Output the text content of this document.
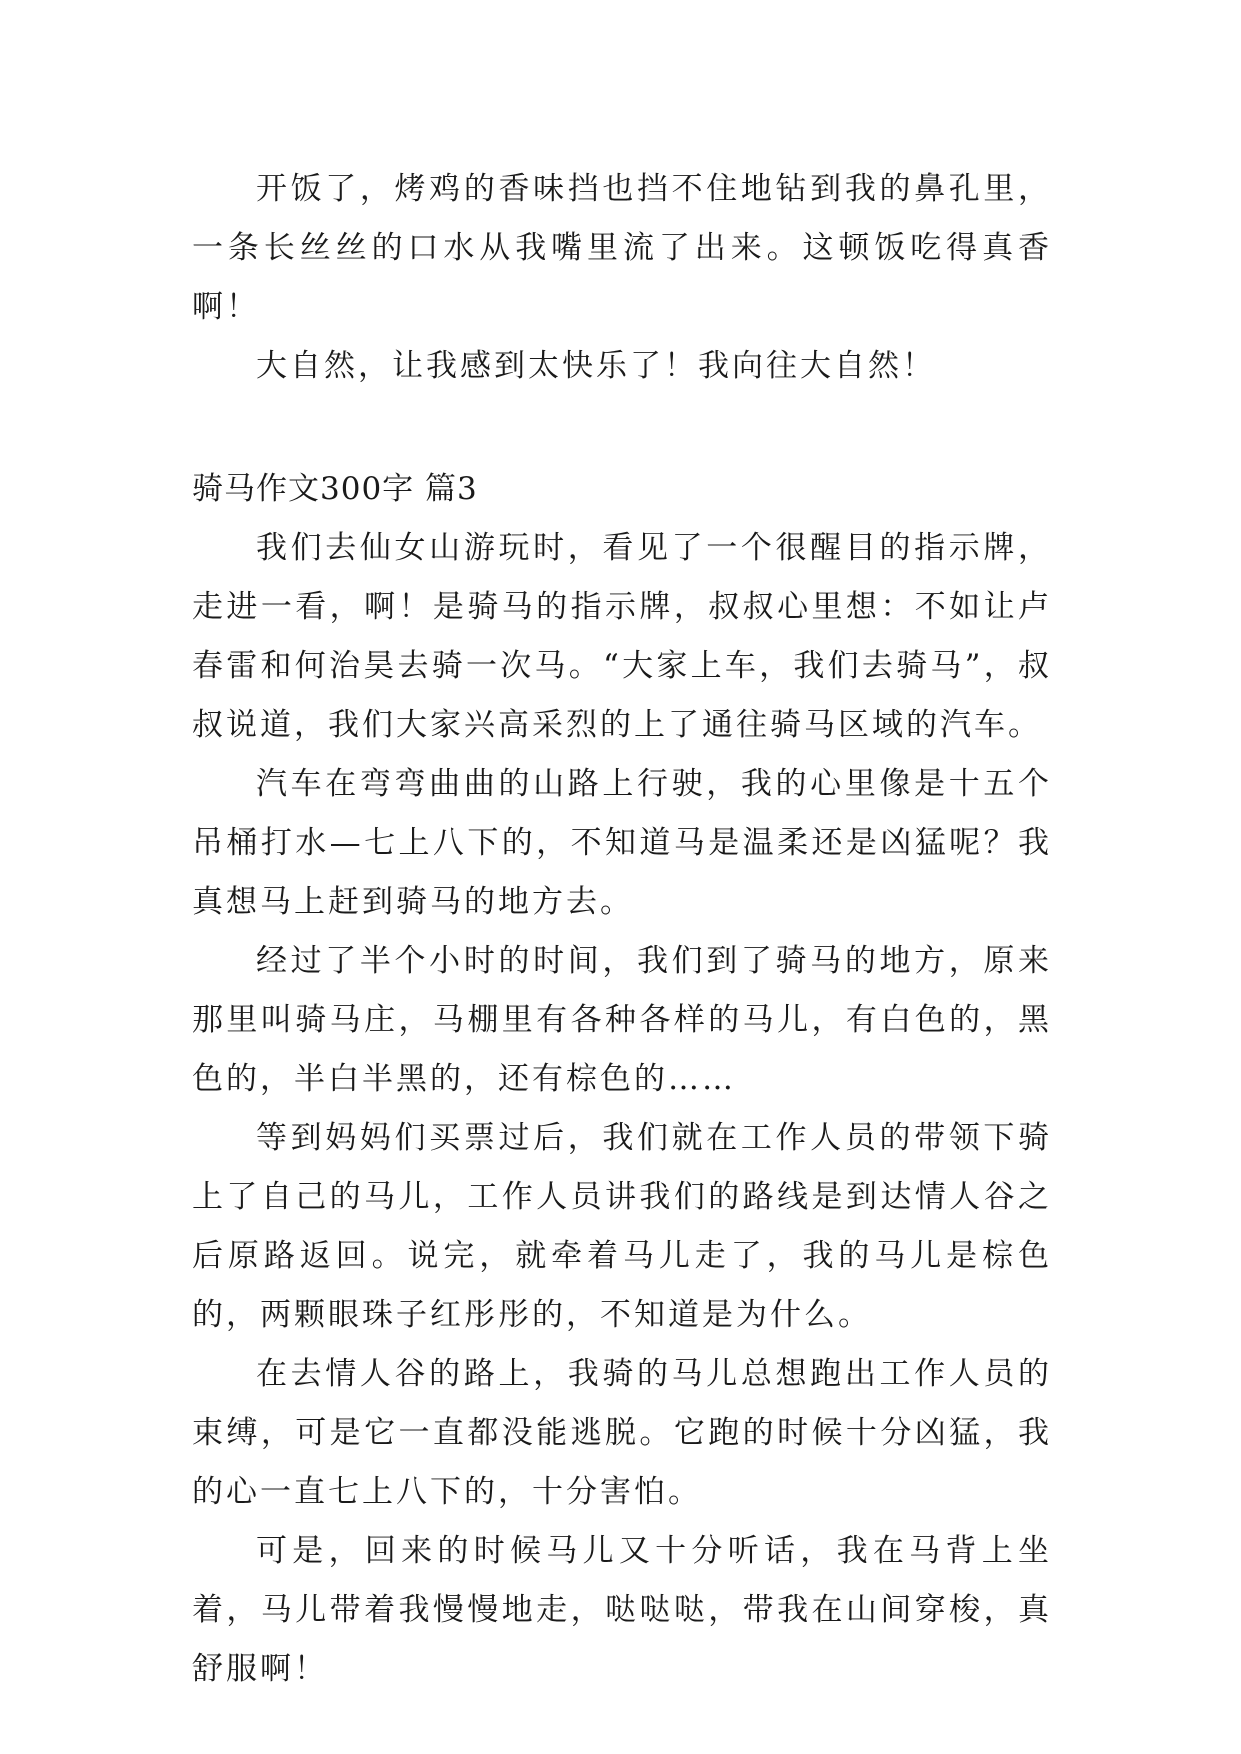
开饭了，烤鸡的香味挡也挡不住地钻到我的鼻孔里，一条长丝丝的口水从我嘴里流了出来。这顿饭吃得真香啊！

大自然，让我感到太快乐了！我向往大自然！

骑马作文300字 篇3

我们去仙女山游玩时，看见了一个很醒目的指示牌，走进一看，啊！是骑马的指示牌，叔叔心里想：不如让卢春雷和何治昊去骑一次马。“大家上车，我们去骑马”，叔叔说道，我们大家兴高采烈的上了通往骑马区域的汽车。

汽车在弯弯曲曲的山路上行驶，我的心里像是十五个吊桶打水—七上八下的，不知道马是温柔还是凶猛呢？我真想马上赶到骑马的地方去。

经过了半个小时的时间，我们到了骑马的地方，原来那里叫骑马庄，马棚里有各种各样的马儿，有白色的，黑色的，半白半黑的，还有棕色的……

等到妈妈们买票过后，我们就在工作人员的带领下骑上了自己的马儿，工作人员讲我们的路线是到达情人谷之后原路返回。说完，就牵着马儿走了，我的马儿是棕色的，两颗眼珠子红彤彤的，不知道是为什么。

在去情人谷的路上，我骑的马儿总想跑出工作人员的束缚，可是它一直都没能逃脱。它跑的时候十分凶猛，我的心一直七上八下的，十分害怕。

可是，回来的时候马儿又十分听话，我在马背上坐着，马儿带着我慢慢地走，哒哒哒，带我在山间穿梭，真舒服啊！
